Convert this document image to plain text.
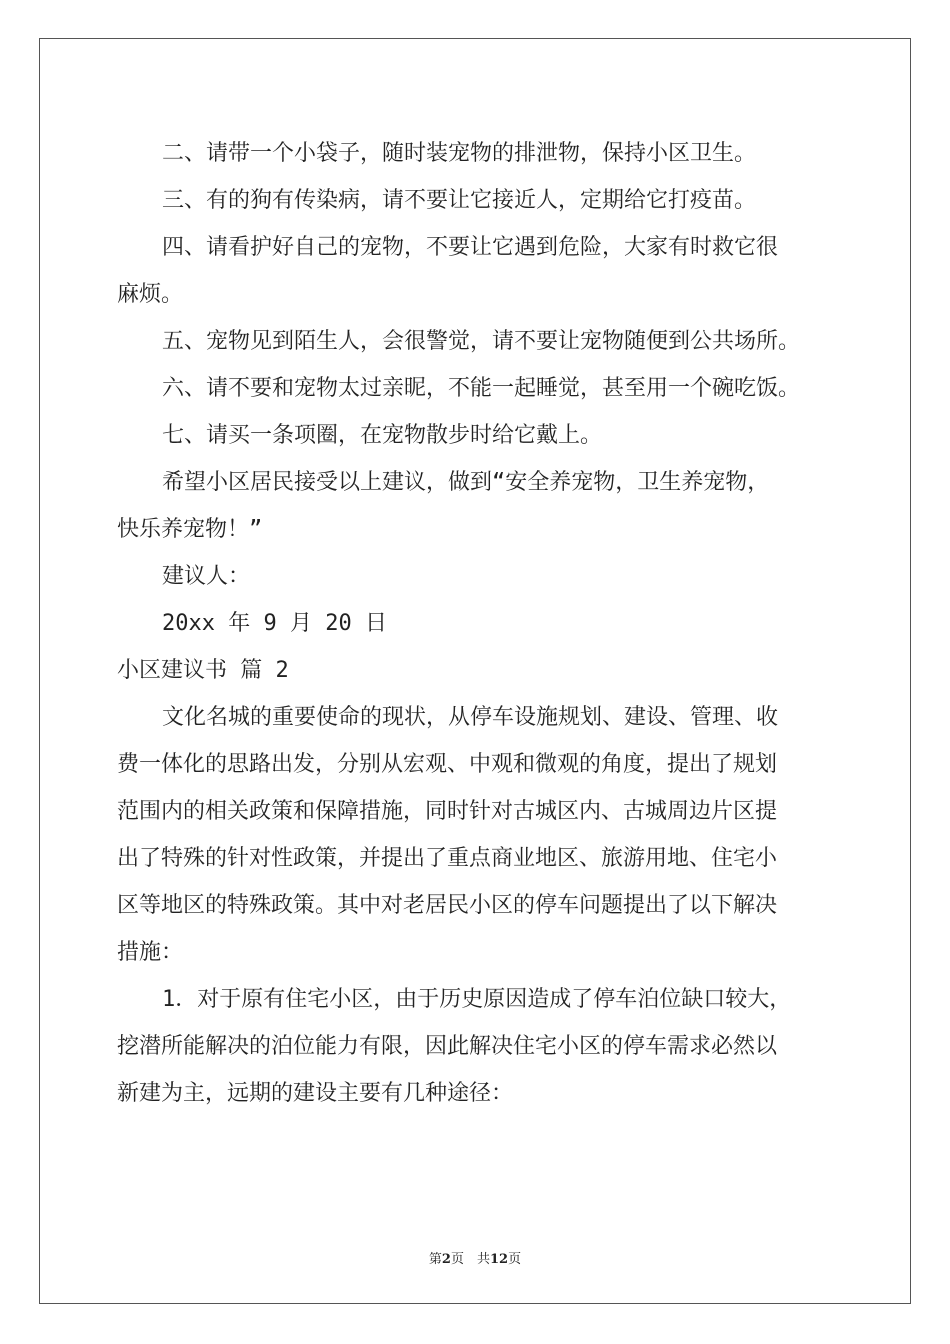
二、请带一个小袋子，随时装宠物的排泄物，保持小区卫生。
三、有的狗有传染病，请不要让它接近人，定期给它打疫苗。
四、请看护好自己的宠物，不要让它遇到危险，大家有时救它很
麻烦。
五、宠物见到陌生人，会很警觉，请不要让宠物随便到公共场所。
六、请不要和宠物太过亲昵，不能一起睡觉，甚至用一个碗吃饭。
七、请买一条项圈，在宠物散步时给它戴上。
希望小区居民接受以上建议，做到“安全养宠物，卫生养宠物，
快乐养宠物！”
建议人：
20xx 年 9 月 20 日
小区建议书 篇 2
文化名城的重要使命的现状，从停车设施规划、建设、管理、收
费一体化的思路出发，分别从宏观、中观和微观的角度，提出了规划
范围内的相关政策和保障措施，同时针对古城区内、古城周边片区提
出了特殊的针对性政策，并提出了重点商业地区、旅游用地、住宅小
区等地区的特殊政策。其中对老居民小区的停车问题提出了以下解决
措施：
1．对于原有住宅小区，由于历史原因造成了停车泊位缺口较大，
挖潜所能解决的泊位能力有限，因此解决住宅小区的停车需求必然以
新建为主，远期的建设主要有几种途径：
第2页　共12页
